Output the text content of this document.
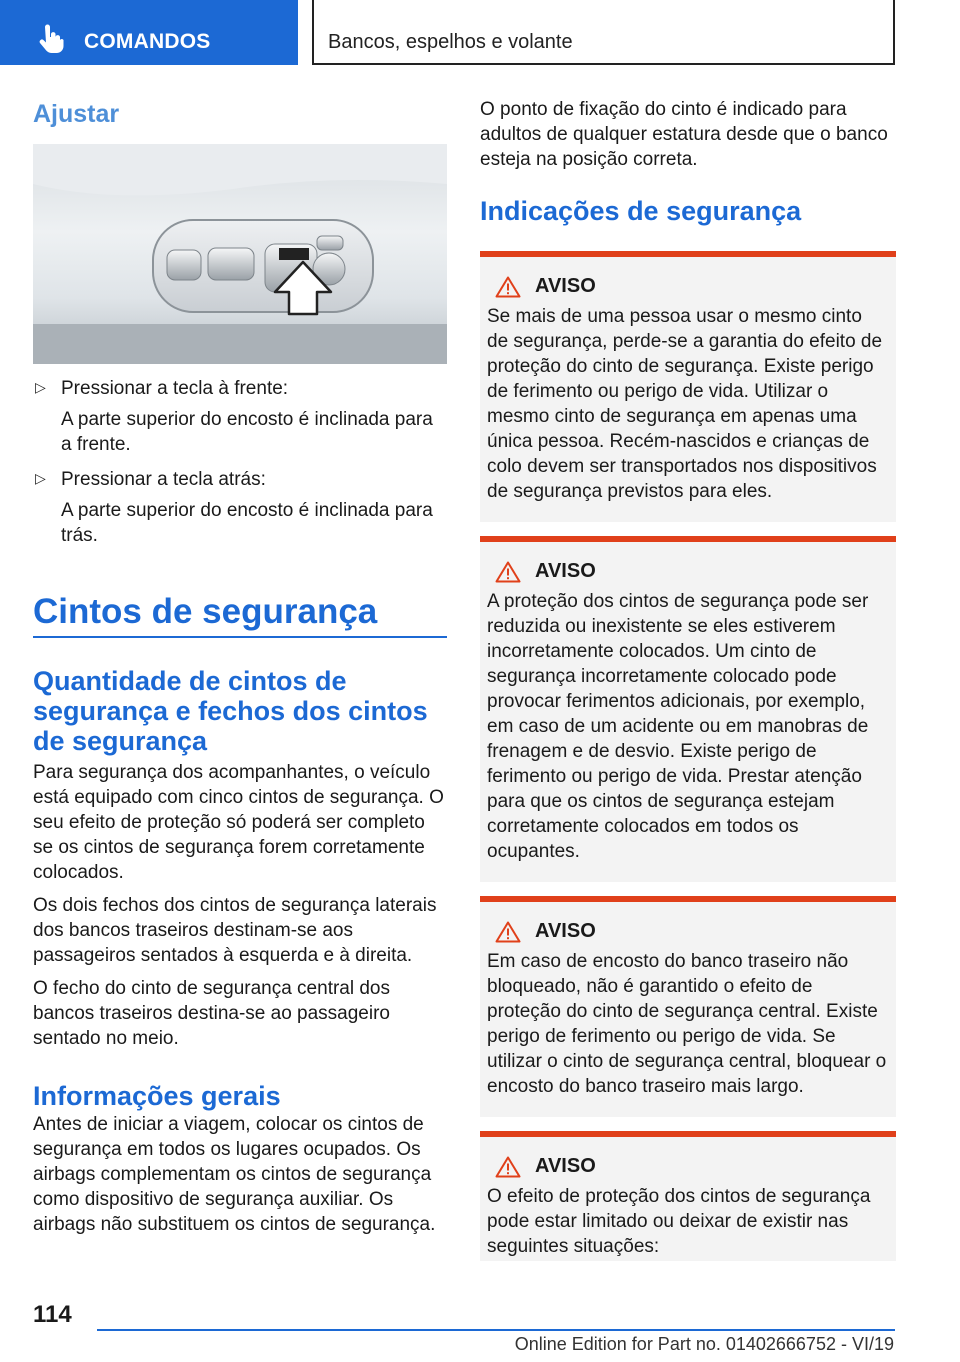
COMANDOS	Bancos, espelhos e volante
Ajustar
▷ Pressionar a tecla à frente:
A parte superior do encosto é inclinada para a frente.
▷ Pressionar a tecla atrás:
A parte superior do encosto é inclinada para trás.
Cintos de segurança
Quantidade de cintos de segurança e fechos dos cintos de segurança

Para segurança dos acompanhantes, o veículo está equipado com cinco cintos de segurança. O seu efeito de proteção só poderá ser completo se os cintos de segurança forem corretamente colocados.

Os dois fechos dos cintos de segurança laterais dos bancos traseiros destinam-se aos passageiros sentados à esquerda e à direita.

O fecho do cinto de segurança central dos bancos traseiros destina-se ao passageiro sentado no meio.

Informações gerais

Antes de iniciar a viagem, colocar os cintos de segurança em todos os lugares ocupados. Os airbags complementam os cintos de segurança como dispositivo de segurança auxiliar. Os airbags não substituem os cintos de segurança.

O ponto de fixação do cinto é indicado para adultos de qualquer estatura desde que o banco esteja na posição correta.

Indicações de segurança
AVISO

Se mais de uma pessoa usar o mesmo cinto de segurança, perde-se a garantia do efeito de proteção do cinto de segurança. Existe perigo de ferimento ou perigo de vida. Utilizar o mesmo cinto de segurança em apenas uma única pessoa. Recém-nascidos e crianças de colo devem ser transportados nos dispositivos de segurança previstos para eles.

AVISO

A proteção dos cintos de segurança pode ser reduzida ou inexistente se eles estiverem incorretamente colocados. Um cinto de segurança incorretamente colocado pode provocar ferimentos adicionais, por exemplo, em caso de um acidente ou em manobras de frenagem e de desvio. Existe perigo de ferimento ou perigo de vida. Prestar atenção para que os cintos de segurança estejam corretamente colocados em todos os ocupantes.

AVISO

Em caso de encosto do banco traseiro não bloqueado, não é garantido o efeito de proteção do cinto de segurança central. Existe perigo de ferimento ou perigo de vida. Se utilizar o cinto de segurança central, bloquear o encosto do banco traseiro mais largo.

AVISO

O efeito de proteção dos cintos de segurança pode estar limitado ou deixar de existir nas seguintes situações:

114
Online Edition for Part no. 01402666752 - VI/19
